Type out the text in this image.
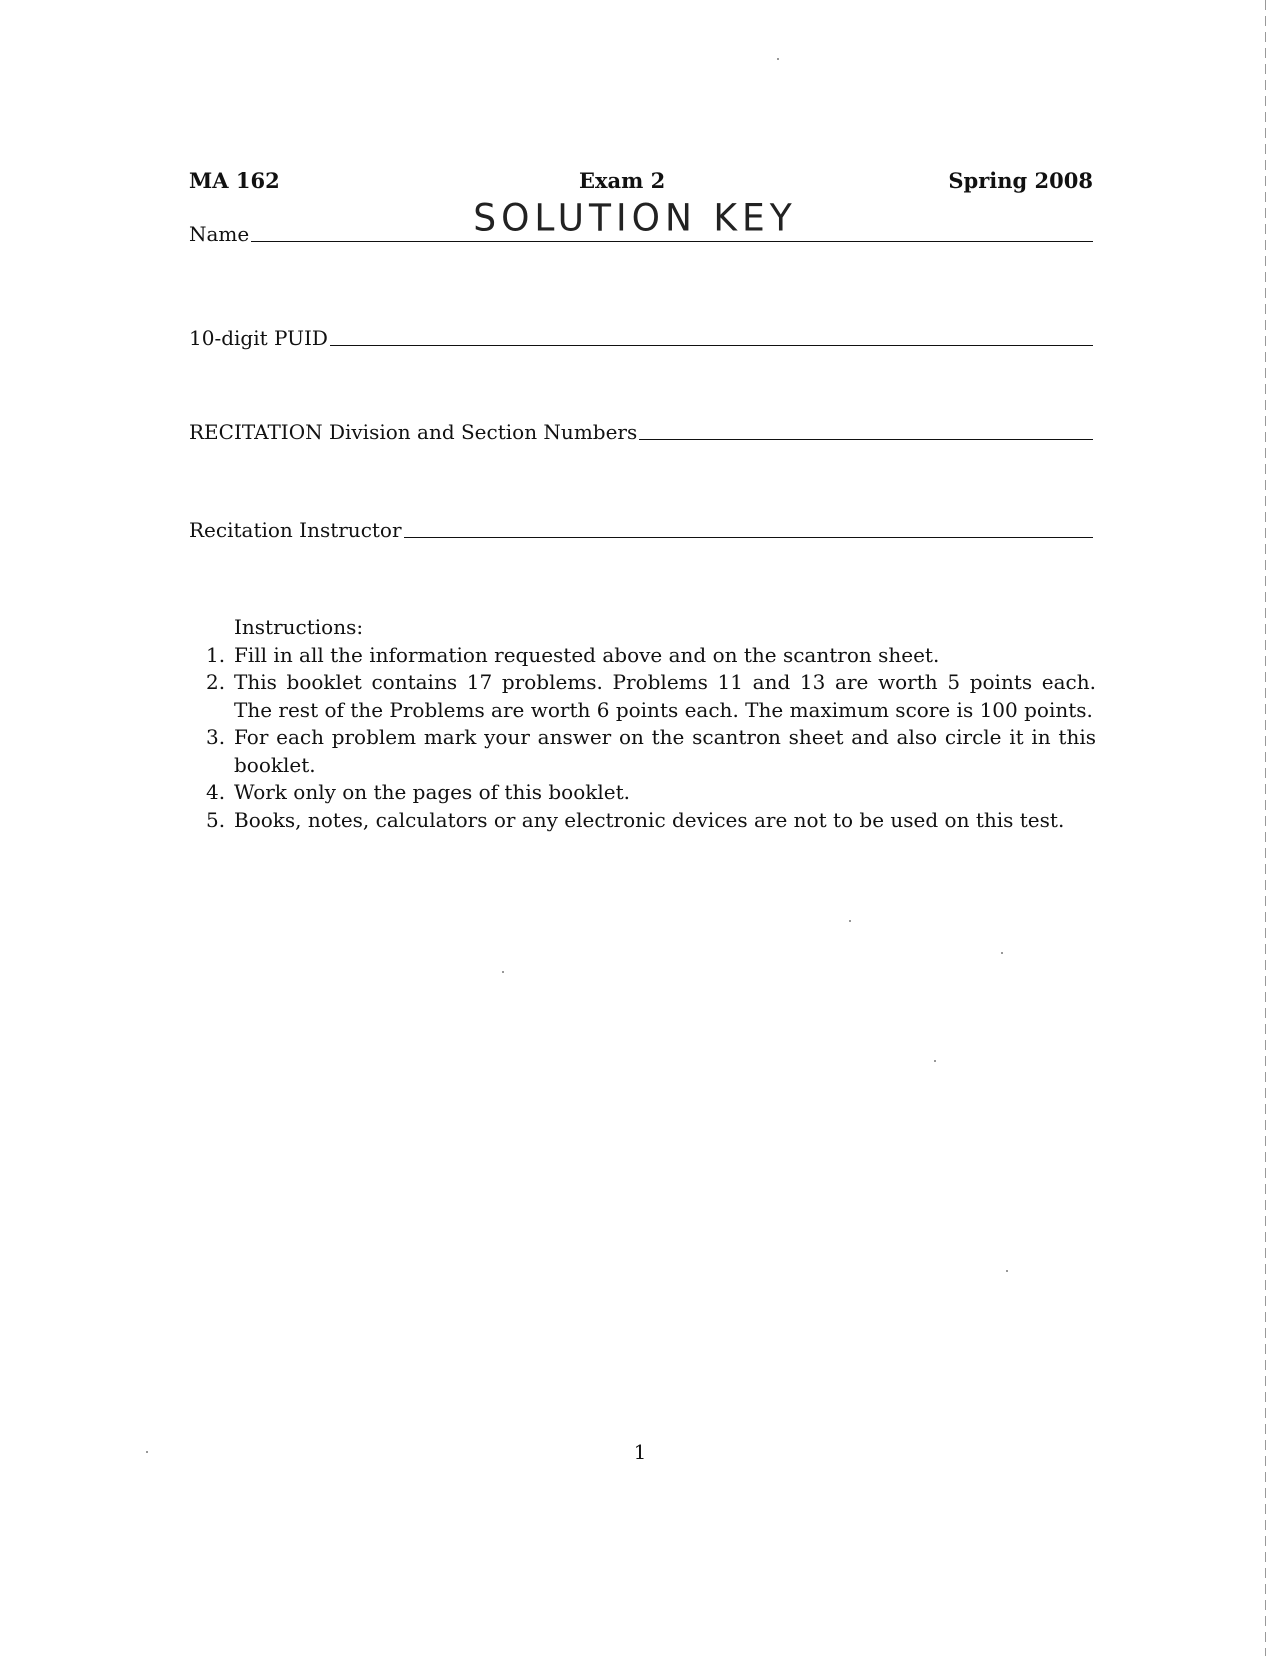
MA 162	Exam 2	Spring 2008
Name	SOLUTION KEY
10-digit PUID
RECITATION Division and Section Numbers
Recitation Instructor
Instructions:
1. Fill in all the information requested above and on the scantron sheet.
2. This booklet contains 17 problems. Problems 11 and 13 are worth 5 points each. The rest of the Problems are worth 6 points each. The maximum score is 100 points.
3. For each problem mark your answer on the scantron sheet and also circle it in this booklet.
4. Work only on the pages of this booklet.
5. Books, notes, calculators or any electronic devices are not to be used on this test.
1
